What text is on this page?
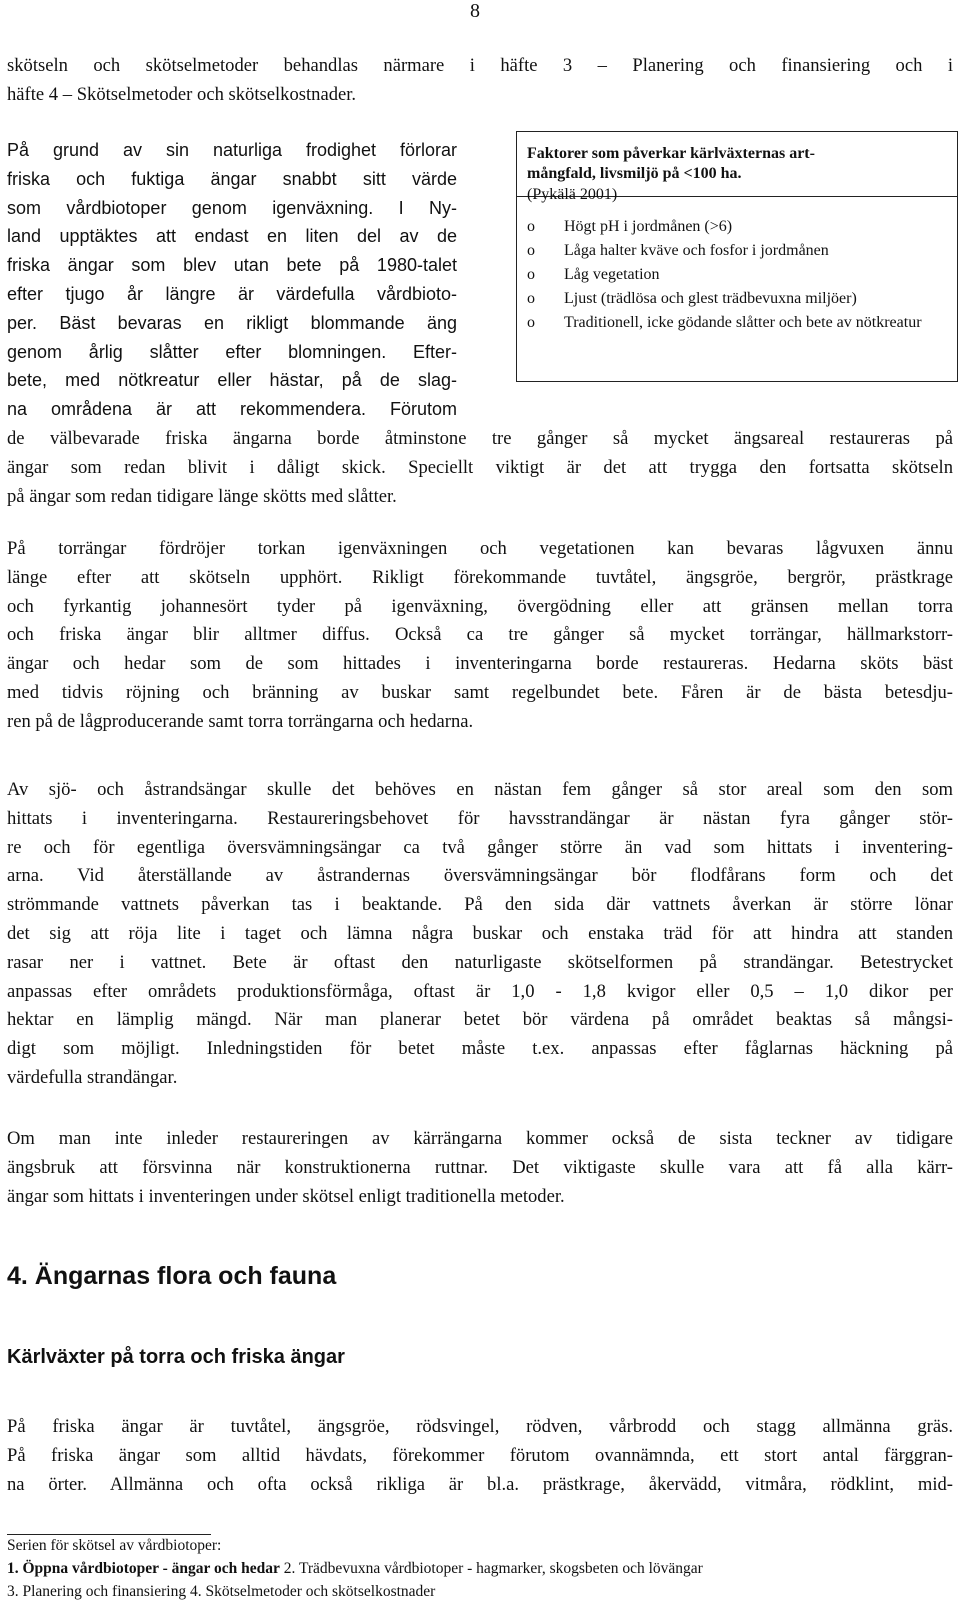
8

skötseln och skötselmetoder behandlas närmare i häfte 3 – Planering och finansiering och i
häfte 4 – Skötselmetoder och skötselkostnader.

På grund av sin naturliga frodighet förlorar
friska och fuktiga ängar snabbt sitt värde
som vårdbiotoper genom igenväxning. I Ny-
land upptäktes att endast en liten del av de
friska ängar som blev utan bete på 1980-talet
efter tjugo år längre är värdefulla vårdbioto-
per. Bäst bevaras en rikligt blommande äng
genom årlig slåtter efter blomningen. Efter-
bete, med nötkreatur eller hästar, på de slag-
na områdena är att rekommendera. Förutom

Faktorer som påverkar kärlväxternas art-
mångfald, livsmiljö på <100 ha.
(Pykälä 2001)
o Högt pH i jordmånen (>6)
o Låga halter kväve och fosfor i jordmånen
o Låg vegetation
o Ljust (trädlösa och glest trädbevuxna miljöer)
o Traditionell, icke gödande slåtter och bete av nötkreatur

de välbevarade friska ängarna borde åtminstone tre gånger så mycket ängsareal restaureras på
ängar som redan blivit i dåligt skick. Speciellt viktigt är det att trygga den fortsatta skötseln
på ängar som redan tidigare länge skötts med slåtter.

På torrängar fördröjer torkan igenväxningen och vegetationen kan bevaras lågvuxen ännu
länge efter att skötseln upphört. Rikligt förekommande tuvtåtel, ängsgröe, bergrör, prästkrage
och fyrkantig johannesört tyder på igenväxning, övergödning eller att gränsen mellan torra
och friska ängar blir alltmer diffus. Också ca tre gånger så mycket torrängar, hällmarkstorr-
ängar och hedar som de som hittades i inventeringarna borde restaureras. Hedarna sköts bäst
med tidvis röjning och bränning av buskar samt regelbundet bete. Fåren är de bästa betesdju-
ren på de lågproducerande samt torra torrängarna och hedarna.

Av sjö- och åstrandsängar skulle det behöves en nästan fem gånger så stor areal som den som
hittats i inventeringarna. Restaureringsbehovet för havsstrandängar är nästan fyra gånger stör-
re och för egentliga översvämningsängar ca två gånger större än vad som hittats i inventering-
arna. Vid återställande av åstrandernas översvämningsängar bör flodfårans form och det
strömmande vattnets påverkan tas i beaktande. På den sida där vattnets åverkan är större lönar
det sig att röja lite i taget och lämna några buskar och enstaka träd för att hindra att standen
rasar ner i vattnet. Bete är oftast den naturligaste skötselformen på strandängar. Betestrycket
anpassas efter områdets produktionsförmåga, oftast är 1,0 - 1,8 kvigor eller 0,5 – 1,0 dikor per
hektar en lämplig mängd. När man planerar betet bör värdena på området beaktas så mångsi-
digt som möjligt. Inledningstiden för betet måste t.ex. anpassas efter fåglarnas häckning på
värdefulla strandängar.

Om man inte inleder restaureringen av kärrängarna kommer också de sista teckner av tidigare
ängsbruk att försvinna när konstruktionerna ruttnar. Det viktigaste skulle vara att få alla kärr-
ängar som hittats i inventeringen under skötsel enligt traditionella metoder.

4. Ängarnas flora och fauna
Kärlväxter på torra och friska ängar

På friska ängar är tuvtåtel, ängsgröe, rödsvingel, rödven, vårbrodd och stagg allmänna gräs.
På friska ängar som alltid hävdats, förekommer förutom ovannämnda, ett stort antal färggran-
na örter. Allmänna och ofta också rikliga är bl.a. prästkrage, åkervädd, vitmåra, rödklint, mid-

Serien för skötsel av vårdbiotoper:
1. Öppna vårdbiotoper - ängar och hedar 2. Trädbevuxna vårdbiotoper - hagmarker, skogsbeten och lövängar
3. Planering och finansiering 4. Skötselmetoder och skötselkostnader
